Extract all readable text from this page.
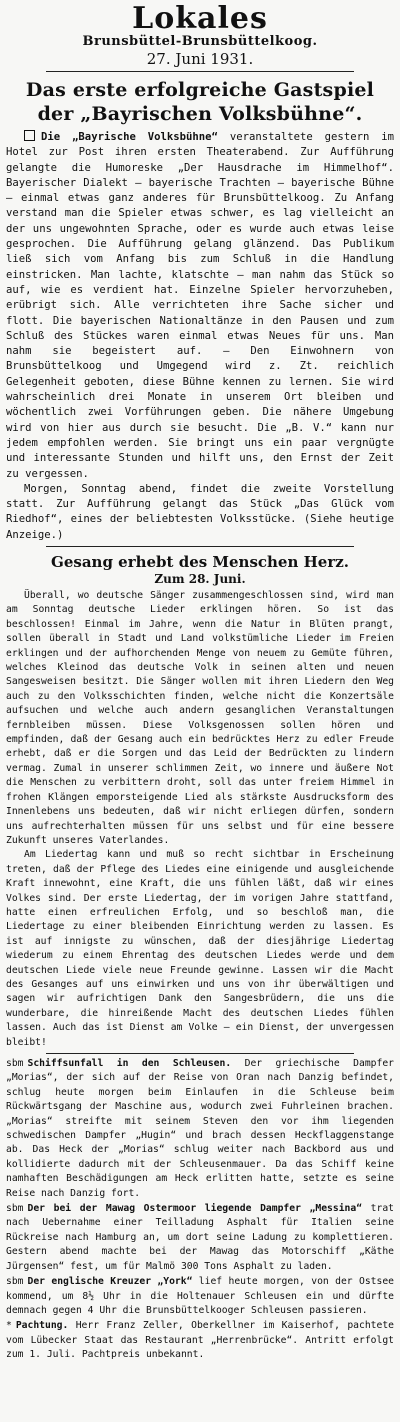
Lokales
Brunsbüttel-Brunsbüttelkoog.
27. Juni 1931.
Das erste erfolgreiche Gastspiel
der „Bayrischen Volksbühne“.

Die „Bayrische Volksbühne“ veranstaltete gestern im Hotel zur Post ihren ersten Theaterabend. Zur Aufführung gelangte die Humoreske „Der Hausdrache im Himmelhof“. Bayerischer Dialekt – bayerische Trachten – bayerische Bühne – einmal etwas ganz anderes für Brunsbüttelkoog. Zu Anfang verstand man die Spieler etwas schwer, es lag vielleicht an der uns ungewohnten Sprache, oder es wurde auch etwas leise gesprochen. Die Aufführung gelang glänzend. Das Publikum ließ sich vom Anfang bis zum Schluß in die Handlung einstricken. Man lachte, klatschte – man nahm das Stück so auf, wie es verdient hat. Einzelne Spieler hervorzuheben, erübrigt sich. Alle verrichteten ihre Sache sicher und flott. Die bayerischen Nationaltänze in den Pausen und zum Schluß des Stückes waren einmal etwas Neues für uns. Man nahm sie begeistert auf. – Den Einwohnern von Brunsbüttelkoog und Umgegend wird z. Zt. reichlich Gelegenheit geboten, diese Bühne kennen zu lernen. Sie wird wahrscheinlich drei Monate in unserem Ort bleiben und wöchentlich zwei Vorführungen geben. Die nähere Umgebung wird von hier aus durch sie besucht. Die „B. V.“ kann nur jedem empfohlen werden. Sie bringt uns ein paar vergnügte und interessante Stunden und hilft uns, den Ernst der Zeit zu vergessen.

Morgen, Sonntag abend, findet die zweite Vorstellung statt. Zur Aufführung gelangt das Stück „Das Glück vom Riedhof“, eines der beliebtesten Volksstücke. (Siehe heutige Anzeige.)

Gesang erhebt des Menschen Herz.
Zum 28. Juni.

Überall, wo deutsche Sänger zusammengeschlossen sind, wird man am Sonntag deutsche Lieder erklingen hören. So ist das beschlossen! Einmal im Jahre, wenn die Natur in Blüten prangt, sollen überall in Stadt und Land volkstümliche Lieder im Freien erklingen und der aufhorchenden Menge von neuem zu Gemüte führen, welches Kleinod das deutsche Volk in seinen alten und neuen Sangesweisen besitzt. Die Sänger wollen mit ihren Liedern den Weg auch zu den Volksschichten finden, welche nicht die Konzertsäle aufsuchen und welche auch andern gesanglichen Veranstaltungen fernbleiben müssen. Diese Volksgenossen sollen hören und empfinden, daß der Gesang auch ein bedrücktes Herz zu edler Freude erhebt, daß er die Sorgen und das Leid der Bedrückten zu lindern vermag. Zumal in unserer schlimmen Zeit, wo innere und äußere Not die Menschen zu verbittern droht, soll das unter freiem Himmel in frohen Klängen emporsteigende Lied als stärkste Ausdrucksform des Innenlebens uns bedeuten, daß wir nicht erliegen dürfen, sondern uns aufrechterhalten müssen für uns selbst und für eine bessere Zukunft unseres Vaterlandes.

Am Liedertag kann und muß so recht sichtbar in Erscheinung treten, daß der Pflege des Liedes eine einigende und ausgleichende Kraft innewohnt, eine Kraft, die uns fühlen läßt, daß wir eines Volkes sind. Der erste Liedertag, der im vorigen Jahre stattfand, hatte einen erfreulichen Erfolg, und so beschloß man, die Liedertage zu einer bleibenden Einrichtung werden zu lassen. Es ist auf innigste zu wünschen, daß der diesjährige Liedertag wiederum zu einem Ehrentag des deutschen Liedes werde und dem deutschen Liede viele neue Freunde gewinne. Lassen wir die Macht des Gesanges auf uns einwirken und uns von ihr überwältigen und sagen wir aufrichtigen Dank den Sangesbrüdern, die uns die wunderbare, die hinreißende Macht des deutschen Liedes fühlen lassen. Auch das ist Dienst am Volke – ein Dienst, der unvergessen bleibt!

sbm Schiffsunfall in den Schleusen. Der griechische Dampfer „Morias“, der sich auf der Reise von Oran nach Danzig befindet, schlug heute morgen beim Einlaufen in die Schleuse beim Rückwärtsgang der Maschine aus, wodurch zwei Fuhrleinen brachen. „Morias“ streifte mit seinem Steven den vor ihm liegenden schwedischen Dampfer „Hugin“ und brach dessen Heckflaggenstange ab. Das Heck der „Morias“ schlug weiter nach Backbord aus und kollidierte dadurch mit der Schleusenmauer. Da das Schiff keine namhaften Beschädigungen am Heck erlitten hatte, setzte es seine Reise nach Danzig fort.

sbm Der bei der Mawag Ostermoor liegende Dampfer „Messina“ trat nach Uebernahme einer Teilladung Asphalt für Italien seine Rückreise nach Hamburg an, um dort seine Ladung zu komplettieren. Gestern abend machte bei der Mawag das Motorschiff „Käthe Jürgensen“ fest, um für Malmö 300 Tons Asphalt zu laden.

sbm Der englische Kreuzer „York“ lief heute morgen, von der Ostsee kommend, um 8½ Uhr in die Holtenauer Schleusen ein und dürfte demnach gegen 4 Uhr die Brunsbüttelkooger Schleusen passieren.

* Pachtung. Herr Franz Zeller, Oberkellner im Kaiserhof, pachtete vom Lübecker Staat das Restaurant „Herrenbrücke“. Antritt erfolgt zum 1. Juli. Pachtpreis unbekannt.
